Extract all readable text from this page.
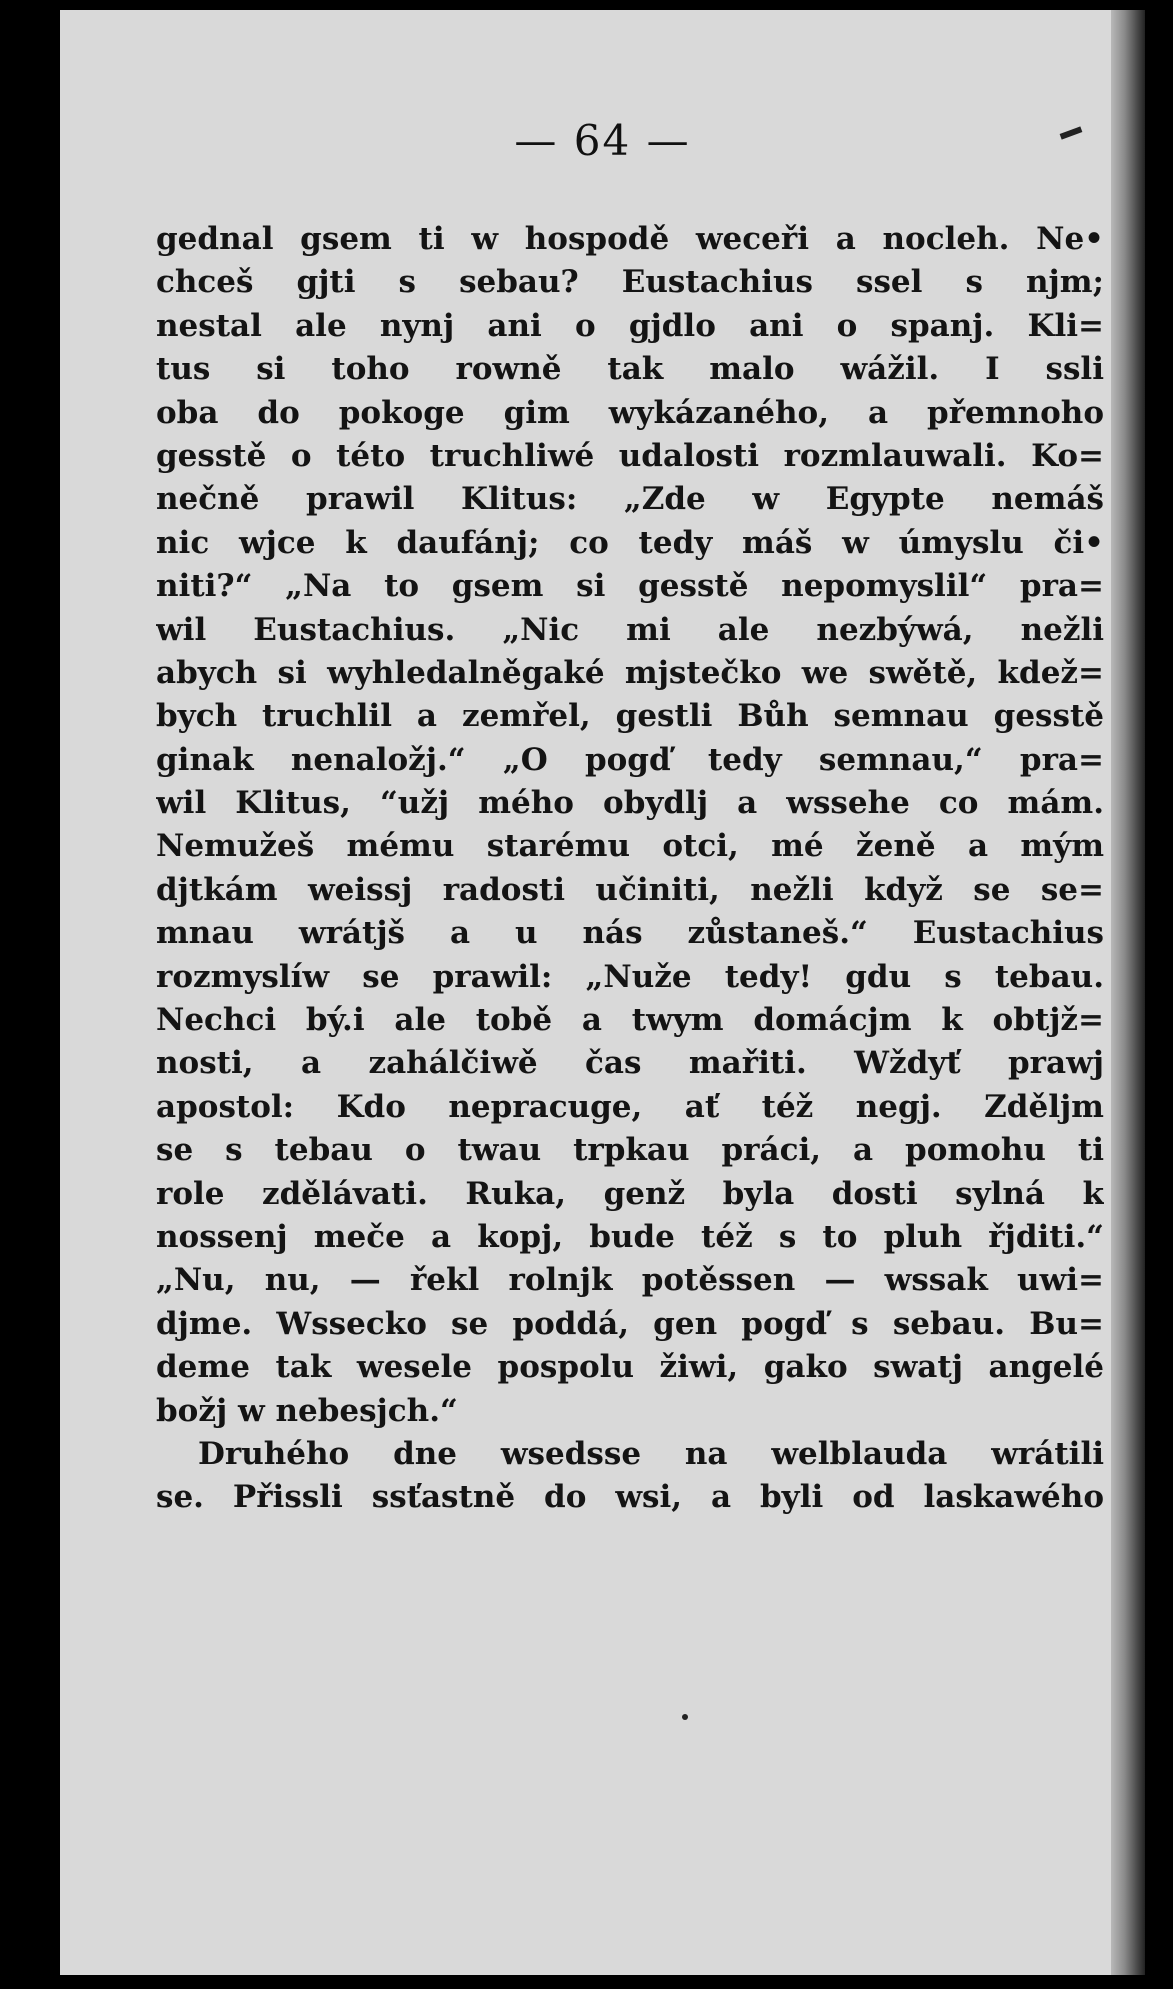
— 64 —
gednal gsem ti w hospodě weceři a nocleh. Ne•
chceš gjti s sebau? Eustachius ssel s njm;
nestal ale nynj ani o gjdlo ani o spanj. Kli=
tus si toho rowně tak malo wážil. I ssli
oba do pokoge gim wykázaného, a přemnoho
gesstě o této truchliwé udalosti rozmlauwali. Ko=
nečně prawil Klitus: „Zde w Egypte nemáš
nic wjce k daufánj; co tedy máš w úmyslu či•
niti?“ „Na to gsem si gesstě nepomyslil“ pra=
wil Eustachius. „Nic mi ale nezbýwá, nežli
abych si wyhledalněgaké mjstečko we swětě, kdež=
bych truchlil a zemřel, gestli Bůh semnau gesstě
ginak nenaložj.“ „O pogď tedy semnau,“ pra=
wil Klitus, “užj mého obydlj a wssehe co mám.
Nemužeš mému starému otci, mé ženě a mým
djtkám weissj radosti učiniti, nežli když se se=
mnau wrátjš a u nás zůstaneš.“ Eustachius
rozmyslíw se prawil: „Nuže tedy! gdu s tebau.
Nechci bý.i ale tobě a twym domácjm k obtjž=
nosti, a zahálčiwě čas mařiti. Wždyť prawj
apostol: Kdo nepracuge, ať též negj. Zděljm
se s tebau o twau trpkau práci, a pomohu ti
role zdělávati. Ruka, genž byla dosti sylná k
nossenj meče a kopj, bude též s to pluh řjditi.“
„Nu, nu, — řekl rolnjk potěssen — wssak uwi=
djme. Wssecko se poddá, gen pogď s sebau. Bu=
deme tak wesele pospolu žiwi, gako swatj angelé
božj w nebesjch.“
Druhého dne wsedsse na welblauda wrátili
se. Přissli ssťastně do wsi, a byli od laskawého
